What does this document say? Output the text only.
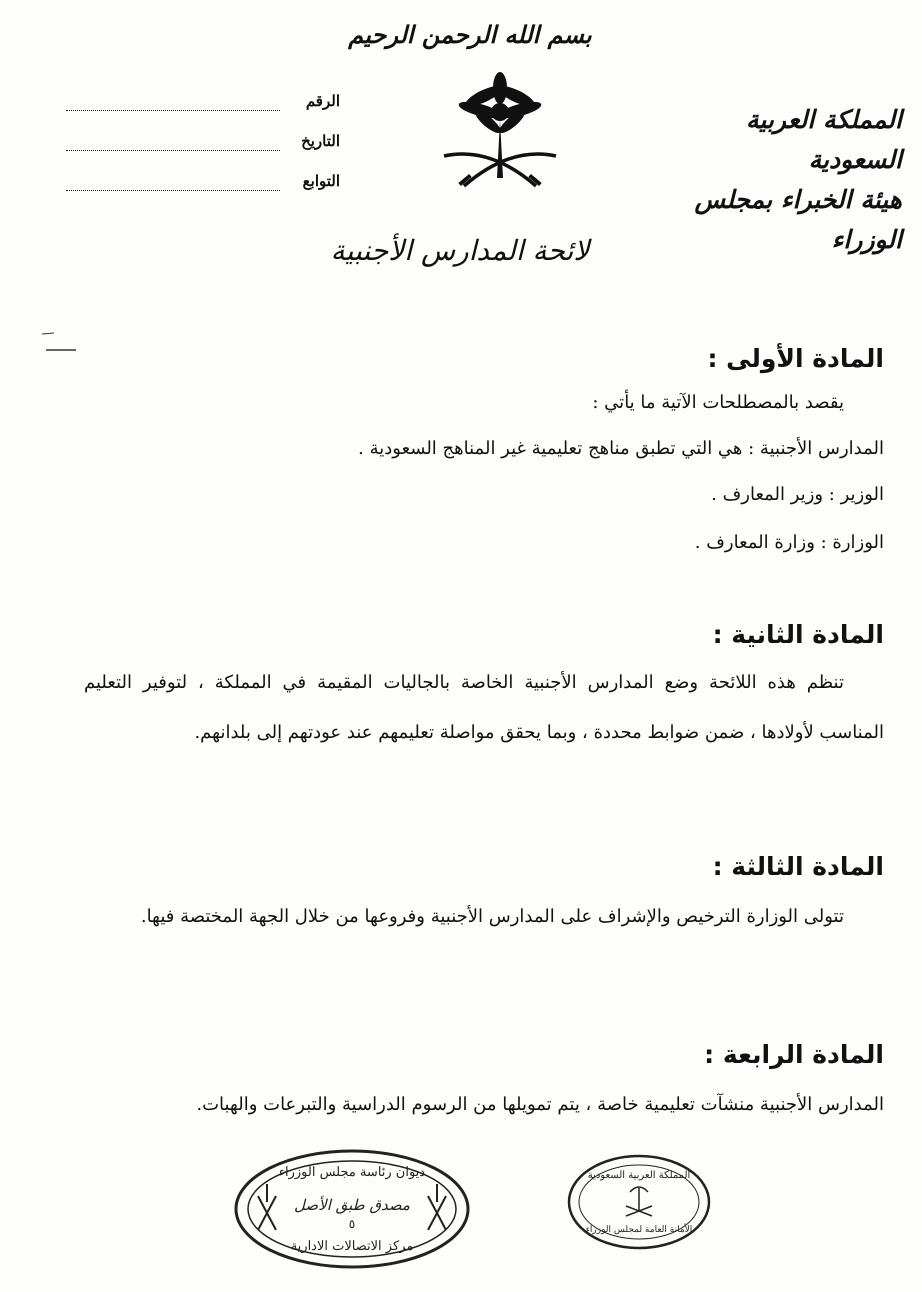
بسم الله الرحمن الرحيم
الرقم
التاريخ
التوابع
المملكة العربية السعودية
هيئة الخبراء بمجلس الوزراء
لائحة المدارس الأجنبية
المادة الأولى :
يقصد بالمصطلحات الآتية ما يأتي :
المدارس الأجنبية : هي التي تطبق مناهج تعليمية غير المناهج السعودية .
الوزير : وزير المعارف .
الوزارة : وزارة المعارف .
المادة الثانية :
تنظم هذه اللائحة وضع المدارس الأجنبية الخاصة بالجاليات المقيمة في المملكة ، لتوفير التعليم المناسب لأولادها ، ضمن ضوابط محددة ، وبما يحقق مواصلة تعليمهم عند عودتهم إلى بلدانهم.
المادة الثالثة :
تتولى الوزارة الترخيص والإشراف على المدارس الأجنبية وفروعها من خلال الجهة المختصة فيها.
المادة الرابعة :
المدارس الأجنبية منشآت تعليمية خاصة ، يتم تمويلها من الرسوم الدراسية والتبرعات والهبات.
ديوان رئاسة مجلس الوزراء
مصدق طبق الأصل
٥
مركز الاتصالات الادارية
المملكة العربية السعودية
الأمانة العامة لمجلس الوزراء
